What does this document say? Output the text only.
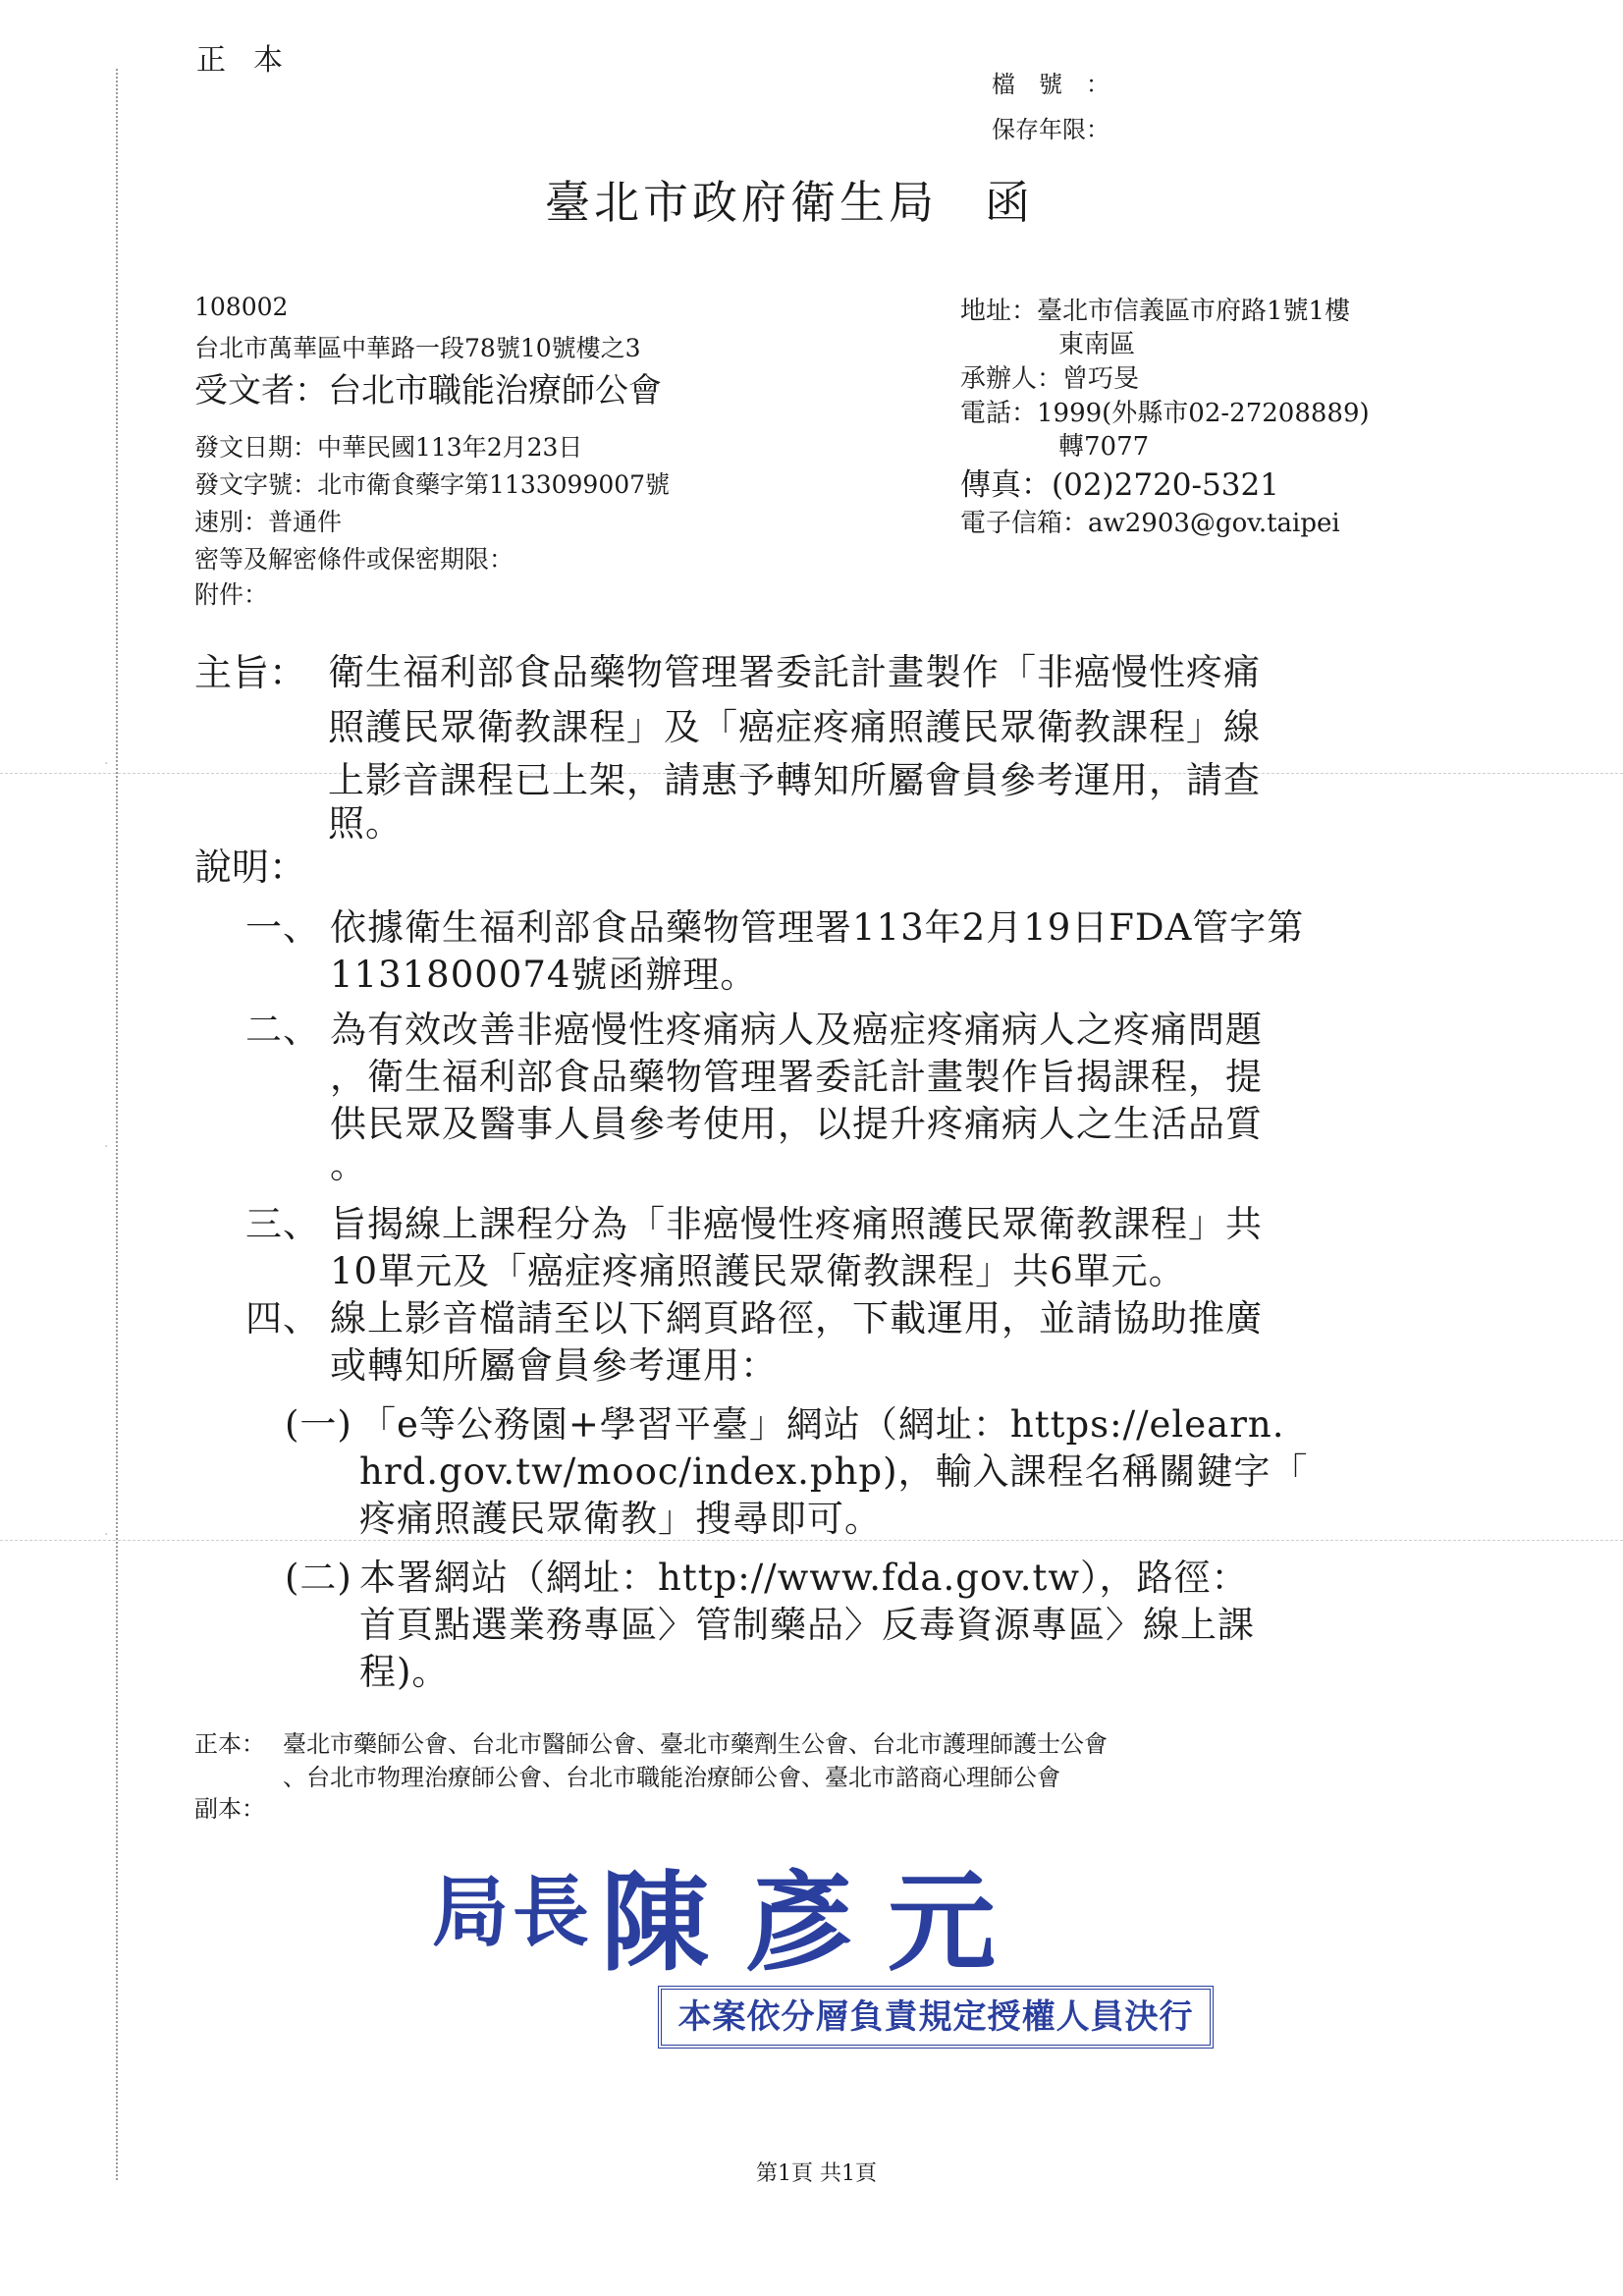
·
·
·

正本

檔號：

保存年限：

臺北市政府衛生局 函

108002

台北市萬華區中華路一段78號10號樓之3

受文者：台北市職能治療師公會

地址：臺北市信義區市府路1號1樓

東南區

承辦人：曾巧旻

電話：1999(外縣市02-27208889)

轉7077

傳真：(02)2720-5321

電子信箱：aw2903@gov.taipei

發文日期：中華民國113年2月23日

發文字號：北市衛食藥字第1133099007號

速別：普通件

密等及解密條件或保密期限：

附件：

主旨： 衛生福利部食品藥物管理署委託計畫製作「非癌慢性疼痛

照護民眾衛教課程」及「癌症疼痛照護民眾衛教課程」線

上影音課程已上架，請惠予轉知所屬會員參考運用，請查

照。

說明：

一、 依據衛生福利部食品藥物管理署113年2月19日FDA管字第

1131800074號函辦理。

二、 為有效改善非癌慢性疼痛病人及癌症疼痛病人之疼痛問題

，衛生福利部食品藥物管理署委託計畫製作旨揭課程，提

供民眾及醫事人員參考使用，以提升疼痛病人之生活品質

。

三、 旨揭線上課程分為「非癌慢性疼痛照護民眾衛教課程」共

10單元及「癌症疼痛照護民眾衛教課程」共6單元。

四、 線上影音檔請至以下網頁路徑，下載運用，並請協助推廣

或轉知所屬會員參考運用：

(一) 「e等公務園+學習平臺」網站（網址：https://elearn.

hrd.gov.tw/mooc/index.php)，輸入課程名稱關鍵字「

疼痛照護民眾衛教」搜尋即可。

(二) 本署網站（網址：http://www.fda.gov.tw），路徑：

首頁點選業務專區〉管制藥品〉反毒資源專區〉線上課

程)。

正本： 臺北市藥師公會、台北市醫師公會、臺北市藥劑生公會、台北市護理師護士公會

、台北市物理治療師公會、台北市職能治療師公會、臺北市諮商心理師公會

副本：

$^{局長}$陳彥元

本案依分層負責規定授權人員決行

第1頁 共1頁
